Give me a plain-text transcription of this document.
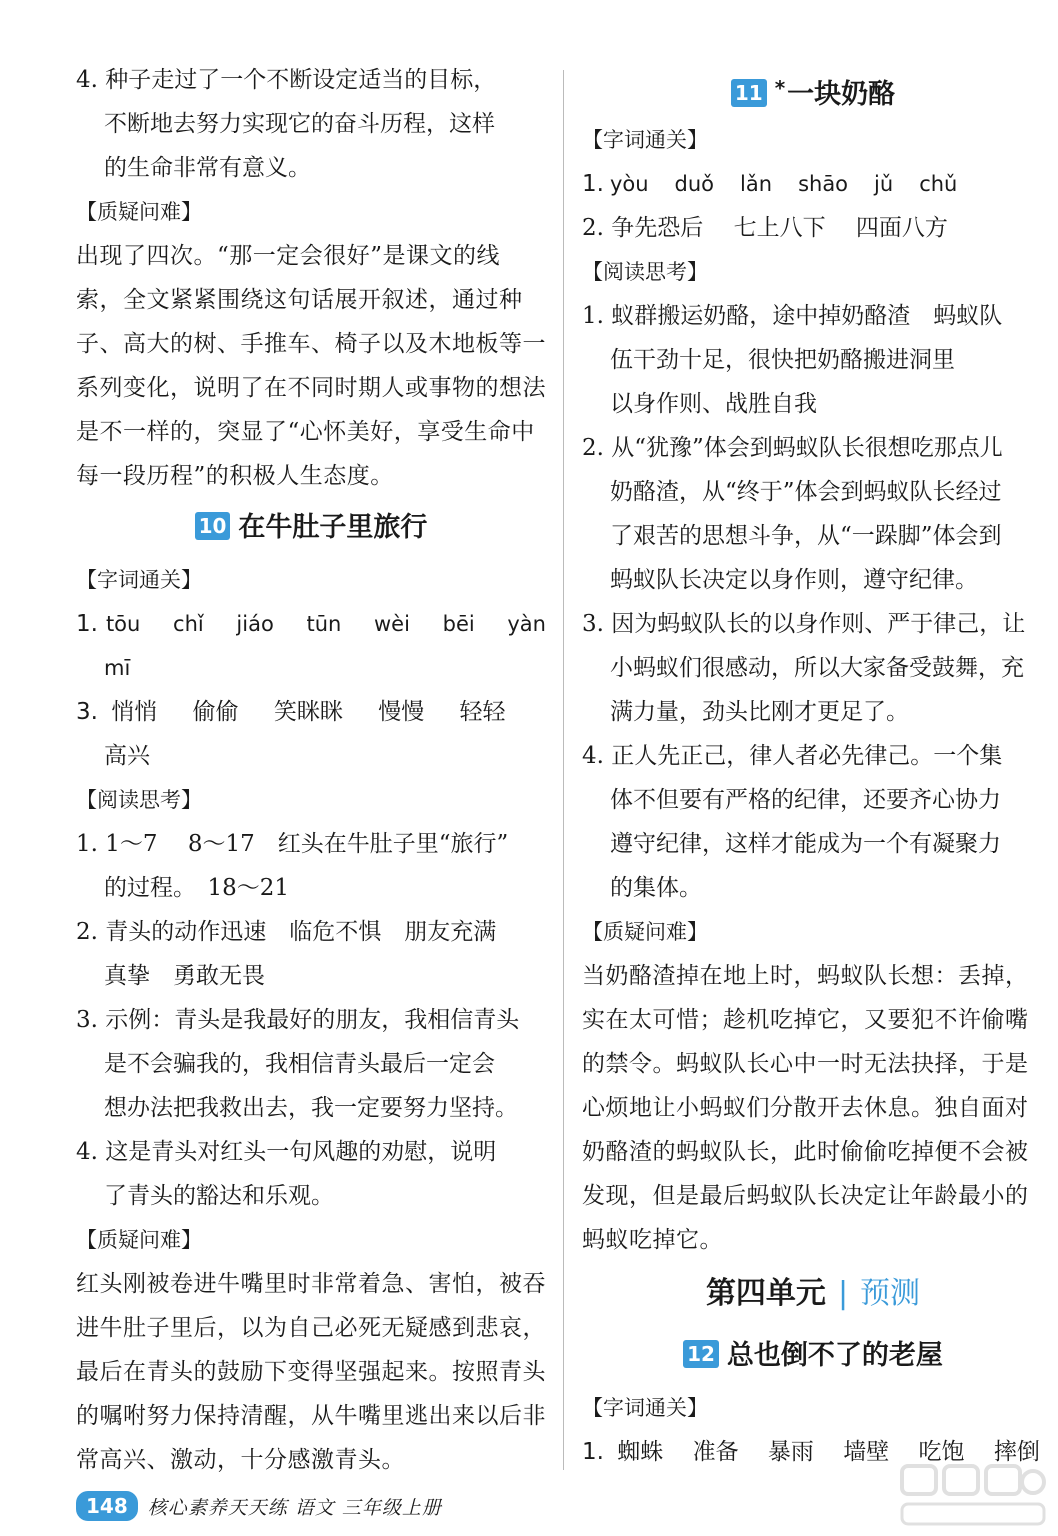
4. 种子走过了一个不断设定适当的目标，
不断地去努力实现它的奋斗历程，这样
的生命非常有意义。
【质疑问难】
出现了四次。“那一定会很好”是课文的线索，全文紧紧围绕这句话展开叙述，通过种子、高大的树、手推车、椅子以及木地板等一系列变化，说明了在不同时期人或事物的想法是不一样的，突显了“心怀美好，享受生命中每一段历程”的积极人生态度。
10 在牛肚子里旅行
【字词通关】
1. tōu chǐ jiáo tūn wèi bēi yàn
mī
3. 悄悄 偷偷 笑眯眯 慢慢 轻轻
高兴
【阅读思考】
1. 1～7　 8～17　红头在牛肚子里“旅行”
的过程。　18～21
2. 青头的动作迅速　临危不惧　朋友充满
真挚　勇敢无畏
3. 示例：青头是我最好的朋友，我相信青头
是不会骗我的，我相信青头最后一定会
想办法把我救出去，我一定要努力坚持。
4. 这是青头对红头一句风趣的劝慰，说明
了青头的豁达和乐观。
【质疑问难】
红头刚被卷进牛嘴里时非常着急、害怕，被吞进牛肚子里后，以为自己必死无疑感到悲哀，最后在青头的鼓励下变得坚强起来。按照青头的嘱咐努力保持清醒，从牛嘴里逃出来以后非常高兴、激动，十分感激青头。
11 *一块奶酪
【字词通关】
1. yòu duǒ lǎn shāo jǔ chǔ
2. 争先恐后　 七上八下　 四面八方
【阅读思考】
1. 蚁群搬运奶酪，途中掉奶酪渣　蚂蚁队
伍干劲十足，很快把奶酪搬进洞里
以身作则、战胜自我
2. 从“犹豫”体会到蚂蚁队长很想吃那点儿
奶酪渣，从“终于”体会到蚂蚁队长经过
了艰苦的思想斗争，从“一跺脚”体会到
蚂蚁队长决定以身作则，遵守纪律。
3. 因为蚂蚁队长的以身作则、严于律己，让
小蚂蚁们很感动，所以大家备受鼓舞，充
满力量，劲头比刚才更足了。
4. 正人先正己，律人者必先律己。一个集
体不但要有严格的纪律，还要齐心协力
遵守纪律，这样才能成为一个有凝聚力
的集体。
【质疑问难】
当奶酪渣掉在地上时，蚂蚁队长想：丢掉，实在太可惜；趁机吃掉它，又要犯不许偷嘴的禁令。蚂蚁队长心中一时无法抉择，于是心烦地让小蚂蚁们分散开去休息。独自面对奶酪渣的蚂蚁队长，此时偷偷吃掉便不会被发现，但是最后蚂蚁队长决定让年龄最小的蚂蚁吃掉它。
第四单元 | 预测
12 总也倒不了的老屋
【字词通关】
1. 蜘蛛 准备 暴雨 墙壁 吃饱 摔倒
148	核心素养天天练 语文 三年级上册
